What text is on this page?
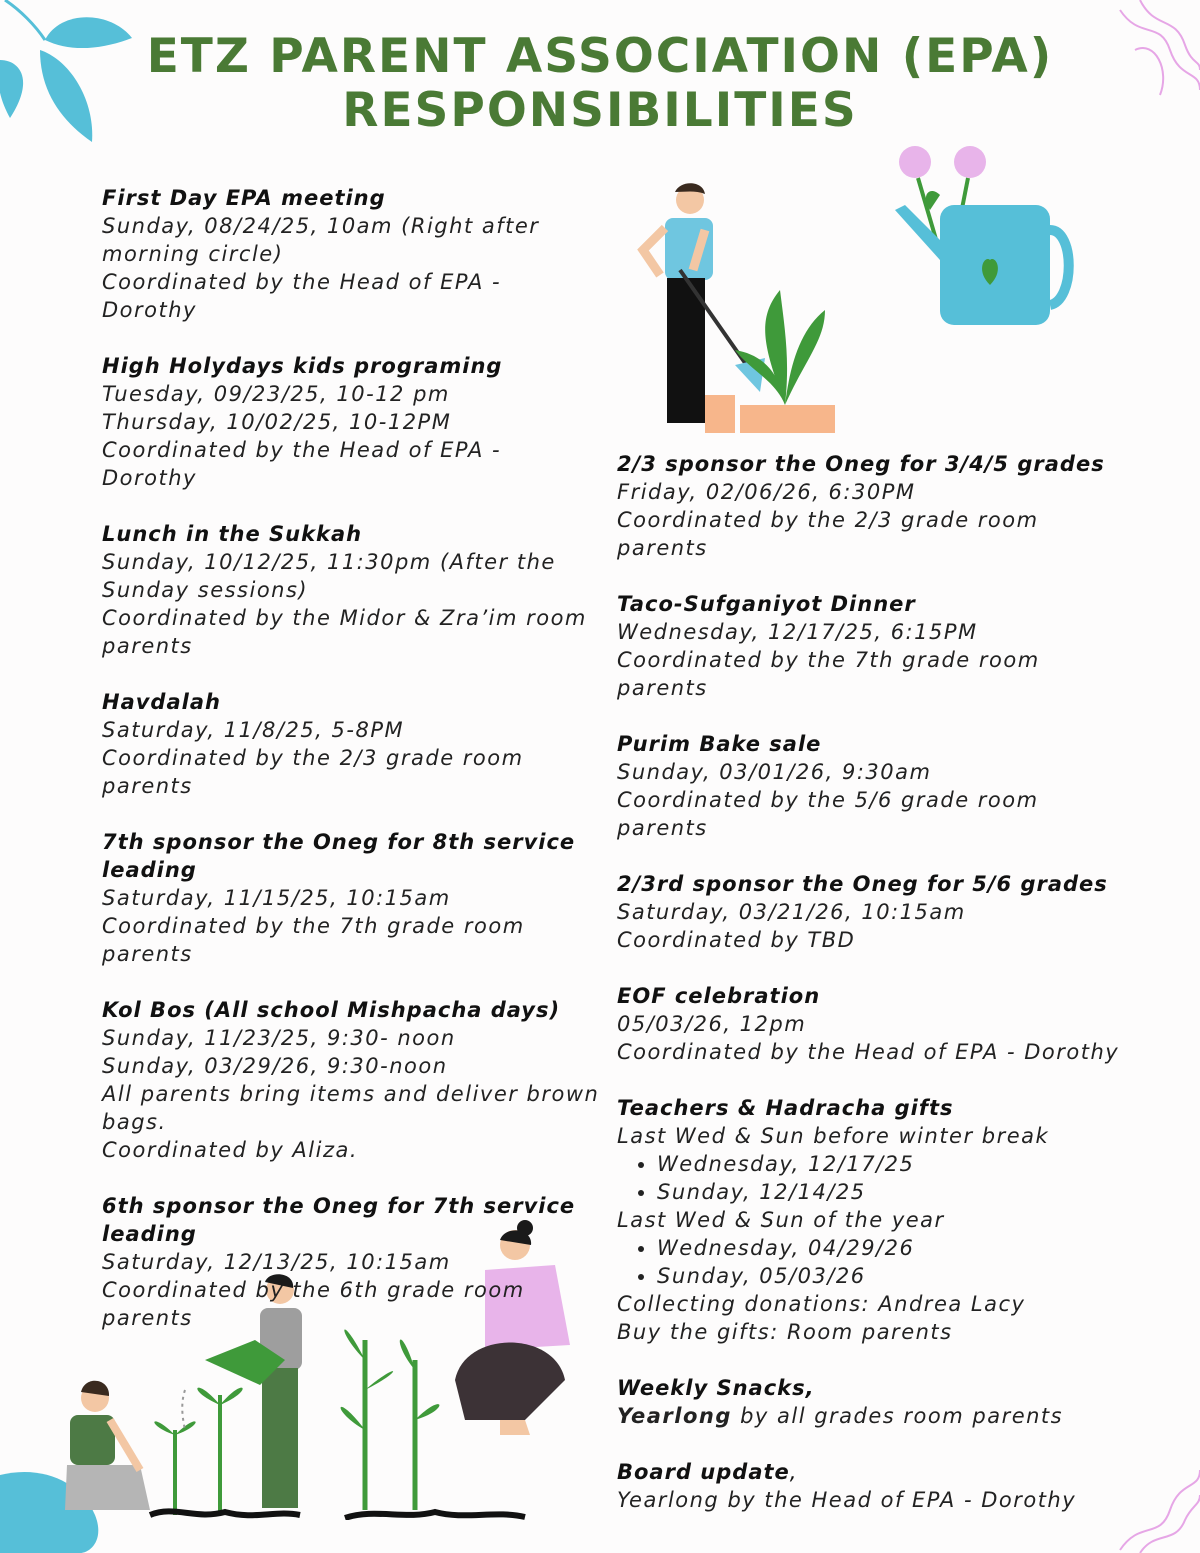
ETZ PARENT ASSOCIATION (EPA)
RESPONSIBILITIES
First Day EPA meeting
Sunday, 08/24/25, 10am (Right after
morning circle)
Coordinated by the Head of EPA -
Dorothy
High Holydays kids programing
Tuesday, 09/23/25, 10-12 pm
Thursday, 10/02/25, 10-12PM
Coordinated by the Head of EPA -
Dorothy
Lunch in the Sukkah
Sunday, 10/12/25, 11:30pm (After the
Sunday sessions)
Coordinated by the Midor & Zra’im room
parents
Havdalah
Saturday, 11/8/25, 5-8PM
Coordinated by the 2/3 grade room
parents
7th sponsor the Oneg for 8th service leading
Saturday, 11/15/25, 10:15am
Coordinated by the 7th grade room
parents
Kol Bos (All school Mishpacha days)
Sunday, 11/23/25, 9:30- noon
Sunday, 03/29/26, 9:30-noon
All parents bring items and deliver brown bags.
Coordinated by Aliza.
6th sponsor the Oneg for 7th service leading
Saturday, 12/13/25, 10:15am
Coordinated by the 6th grade room
parents
2/3 sponsor the Oneg for 3/4/5 grades
Friday, 02/06/26, 6:30PM
Coordinated by the 2/3 grade room
parents
Taco-Sufganiyot Dinner
Wednesday, 12/17/25, 6:15PM
Coordinated by the 7th grade room
parents
Purim Bake sale
Sunday, 03/01/26, 9:30am
Coordinated by the 5/6 grade room
parents
2/3rd sponsor the Oneg for 5/6 grades
Saturday, 03/21/26, 10:15am
Coordinated by TBD
EOF celebration
05/03/26, 12pm
Coordinated by the Head of EPA - Dorothy
Teachers & Hadracha gifts
Last Wed & Sun before winter break
• Wednesday, 12/17/25
• Sunday, 12/14/25
Last Wed & Sun of the year
• Wednesday, 04/29/26
• Sunday, 05/03/26
Collecting donations: Andrea Lacy
Buy the gifts: Room parents
Weekly Snacks,
Yearlong by all grades room parents
Board update,
Yearlong by the Head of EPA - Dorothy
